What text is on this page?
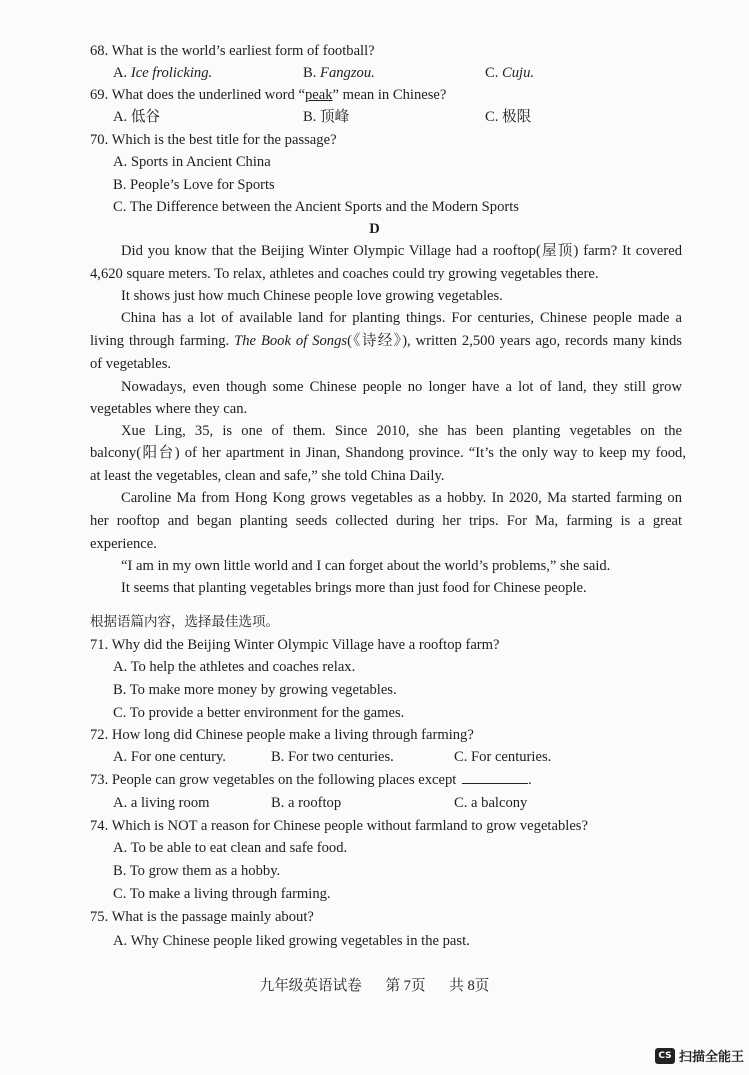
68. What is the world’s earliest form of football?
A. Ice frolicking.	B. Fangzou.	C. Cuju.
69. What does the underlined word “peak” mean in Chinese?
A. 低谷	B. 顶峰	C. 极限
70. Which is the best title for the passage?
A. Sports in Ancient China
B. People’s Love for Sports
C. The Difference between the Ancient Sports and the Modern Sports
D
Did you know that the Beijing Winter Olympic Village had a rooftop(屋顶) farm? It covered
4,620 square meters. To relax, athletes and coaches could try growing vegetables there.
It shows just how much Chinese people love growing vegetables.
China has a lot of available land for planting things. For centuries, Chinese people made a
living through farming. The Book of Songs(《诗经》), written 2,500 years ago, records many kinds
of vegetables.
Nowadays, even though some Chinese people no longer have a lot of land, they still grow
vegetables where they can.
Xue Ling, 35, is one of them. Since 2010, she has been planting vegetables on the
balcony(阳台) of her apartment in Jinan, Shandong province. “It’s the only way to keep my food,
at least the vegetables, clean and safe,” she told China Daily.
Caroline Ma from Hong Kong grows vegetables as a hobby. In 2020, Ma started farming on
her rooftop and began planting seeds collected during her trips. For Ma, farming is a great
experience.
“I am in my own little world and I can forget about the world’s problems,” she said.
It seems that planting vegetables brings more than just food for Chinese people.
根据语篇内容，选择最佳选项。
71. Why did the Beijing Winter Olympic Village have a rooftop farm?
A. To help the athletes and coaches relax.
B. To make more money by growing vegetables.
C. To provide a better environment for the games.
72. How long did Chinese people make a living through farming?
A. For one century.	B. For two centuries.	C. For centuries.
73. People can grow vegetables on the following places except	.
A. a living room	B. a rooftop	C. a balcony
74. Which is NOT a reason for Chinese people without farmland to grow vegetables?
A. To be able to eat clean and safe food.
B. To grow them as a hobby.
C. To make a living through farming.
75. What is the passage mainly about?
A. Why Chinese people liked growing vegetables in the past.
九年级英语试卷 第 7页 共 8页
CS 扫描全能王
